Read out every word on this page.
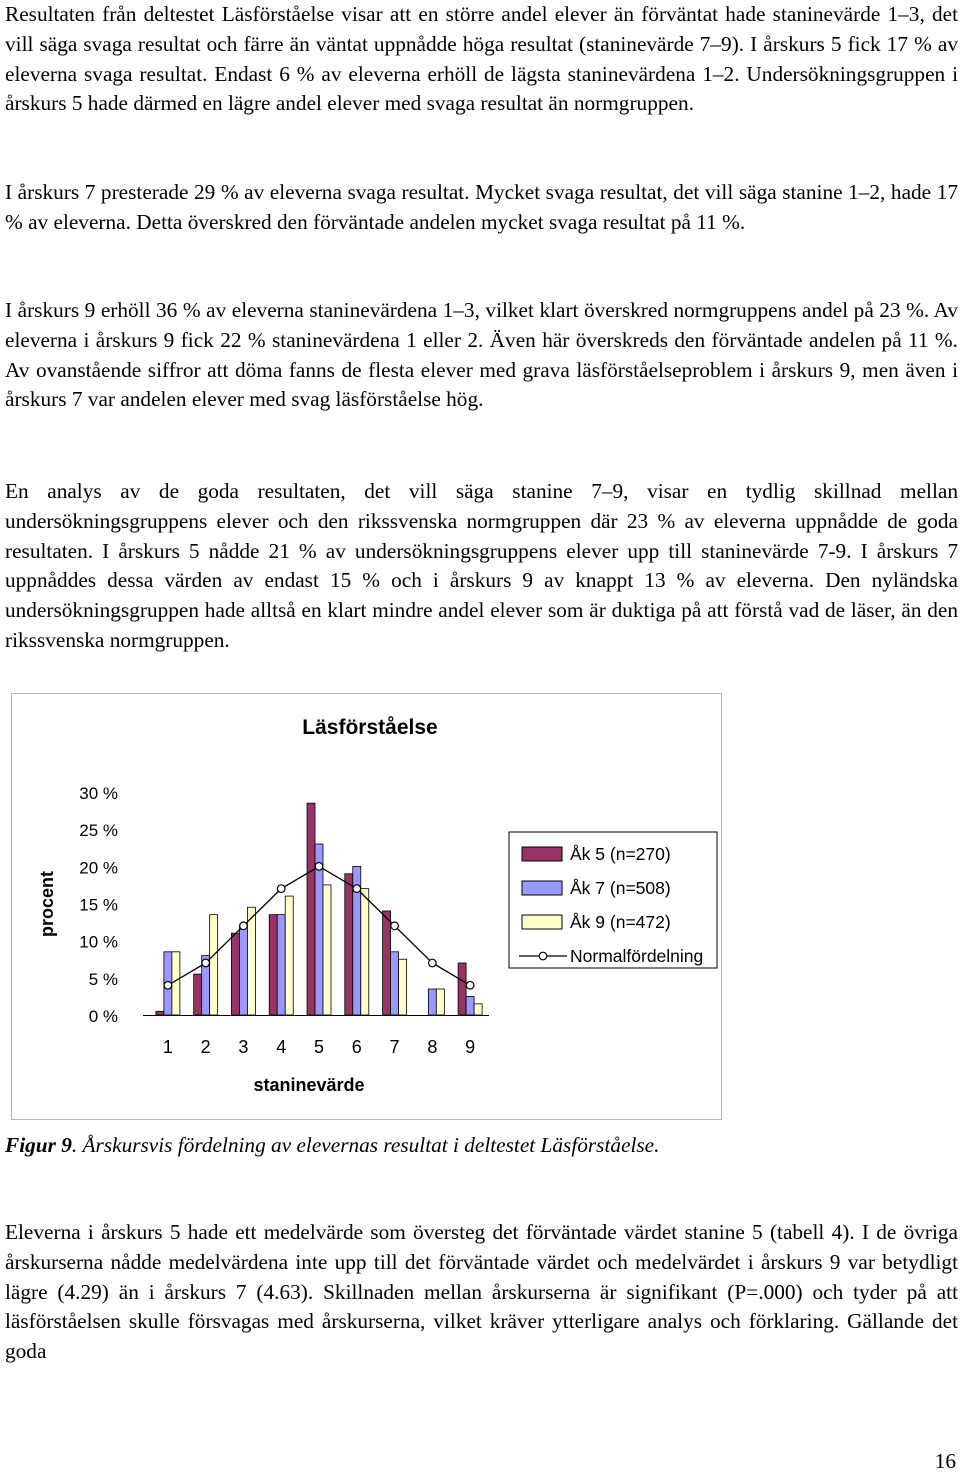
Resultaten från deltestet Läsförståelse visar att en större andel elever än förväntat hade staninevärde 1–3, det vill säga svaga resultat och färre än väntat uppnådde höga resultat (staninevärde 7–9). I årskurs 5 fick 17 % av eleverna svaga resultat. Endast 6 % av eleverna erhöll de lägsta staninevärdena 1–2. Undersökningsgruppen i årskurs 5 hade därmed en lägre andel elever med svaga resultat än normgruppen.

I årskurs 7 presterade 29 % av eleverna svaga resultat. Mycket svaga resultat, det vill säga stanine 1–2, hade 17 % av eleverna. Detta överskred den förväntade andelen mycket svaga resultat på 11 %.

I årskurs 9 erhöll 36 % av eleverna staninevärdena 1–3, vilket klart överskred normgruppens andel på 23 %. Av eleverna i årskurs 9 fick 22 % staninevärdena 1 eller 2. Även här överskreds den förväntade andelen på 11 %. Av ovanstående siffror att döma fanns de flesta elever med grava läsförståelseproblem i årskurs 9, men även i årskurs 7 var andelen elever med svag läsförståelse hög.

En analys av de goda resultaten, det vill säga stanine 7–9, visar en tydlig skillnad mellan undersökningsgruppens elever och den rikssvenska normgruppen där 23 % av eleverna uppnådde de goda resultaten. I årskurs 5 nådde 21 % av undersökningsgruppens elever upp till staninevärde 7-9. I årskurs 7 uppnåddes dessa värden av endast 15 % och i årskurs 9 av knappt 13 % av eleverna. Den nyländska undersökningsgruppen hade alltså en klart mindre andel elever som är duktiga på att förstå vad de läser, än den rikssvenska normgruppen.

Läsförståelse
0 %
5 %
10 %
15 %
20 %
25 %
30 %
procent
1 2 3 4 5 6 7 8 9
staninevärde
Åk 5 (n=270)
Åk 7 (n=508)
Åk 9 (n=472)
Normalfördelning
Figur 9. Årskursvis fördelning av elevernas resultat i deltestet Läsförståelse.

Eleverna i årskurs 5 hade ett medelvärde som översteg det förväntade värdet stanine 5 (tabell 4). I de övriga årskurserna nådde medelvärdena inte upp till det förväntade värdet och medelvärdet i årskurs 9 var betydligt lägre (4.29) än i årskurs 7 (4.63). Skillnaden mellan årskurserna är signifikant (P=.000) och tyder på att läsförståelsen skulle försvagas med årskurserna, vilket kräver ytterligare analys och förklaring. Gällande det goda

16
